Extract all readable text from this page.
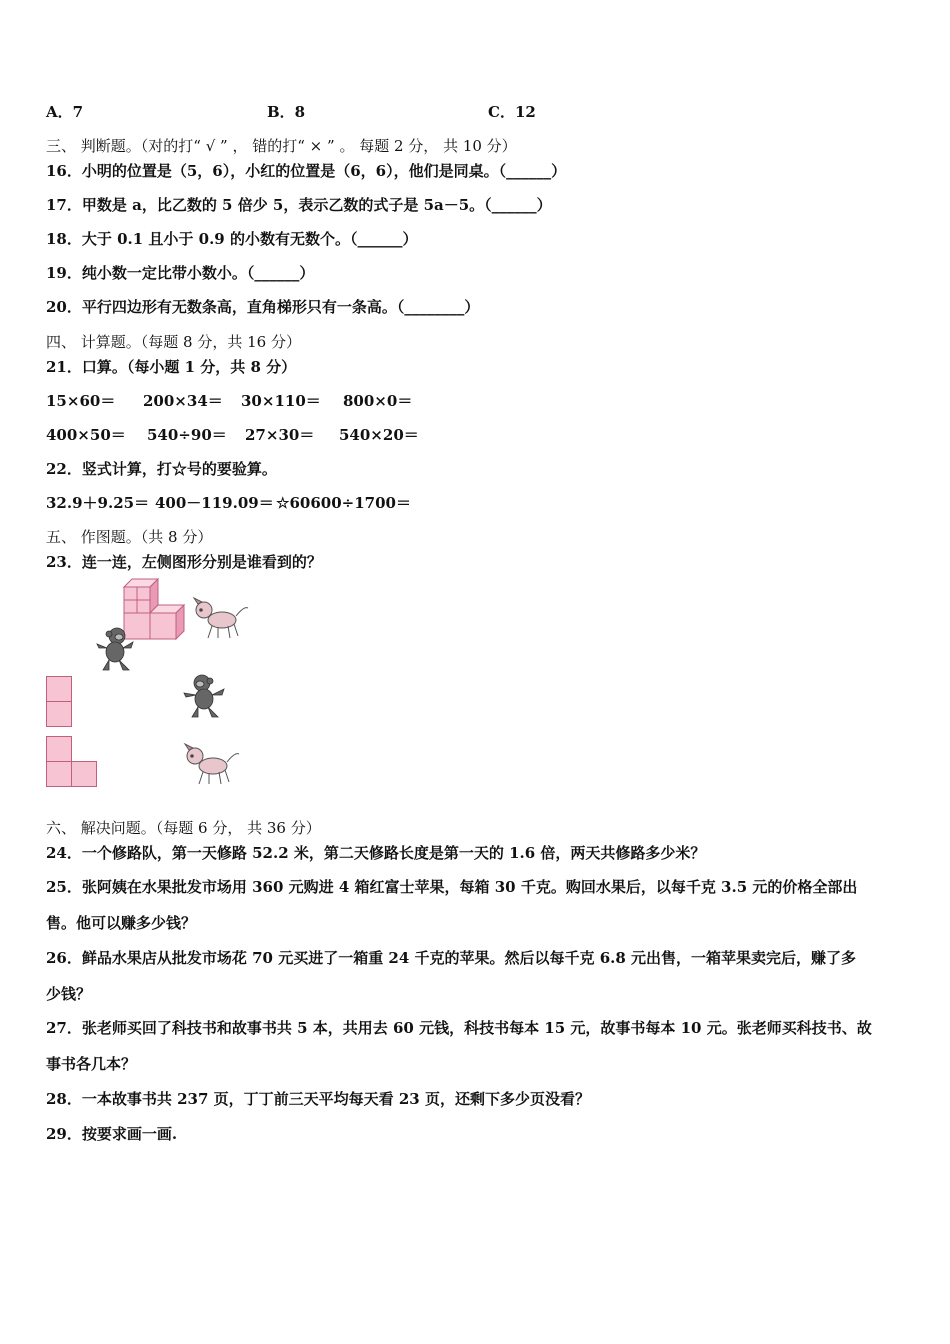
A．7	B．8	C．12

三、 判断题。（对的打“ √ ” ， 错的打“ × ” 。 每题 2 分， 共 10 分）

16．小明的位置是（5，6），小红的位置是（6，6），他们是同桌。（______）

17．甲数是 a，比乙数的 5 倍少 5，表示乙数的式子是 5a－5。（______）

18．大于 0.1 且小于 0.9 的小数有无数个。（______）

19．纯小数一定比带小数小。（______）

20．平行四边形有无数条高，直角梯形只有一条高。（________）

四、 计算题。（每题 8 分，共 16 分）

21．口算。（每小题 1 分，共 8 分）

15×60＝ 200×34＝ 30×110＝ 800×0＝

400×50＝ 540÷90＝ 27×30＝ 540×20＝

22．竖式计算，打☆号的要验算。

32.9＋9.25＝ 400－119.09＝ ☆60600÷1700＝

五、 作图题。（共 8 分）

23．连一连，左侧图形分别是谁看到的？

六、 解决问题。（每题 6 分， 共 36 分）

24．一个修路队，第一天修路 52.2 米，第二天修路长度是第一天的 1.6 倍，两天共修路多少米？

25．张阿姨在水果批发市场用 360 元购进 4 箱红富士苹果，每箱 30 千克。购回水果后，以每千克 3.5 元的价格全部出

售。他可以赚多少钱？

26．鲜品水果店从批发市场花 70 元买进了一箱重 24 千克的苹果。然后以每千克 6.8 元出售，一箱苹果卖完后，赚了多

少钱？

27．张老师买回了科技书和故事书共 5 本，共用去 60 元钱，科技书每本 15 元，故事书每本 10 元。张老师买科技书、故

事书各几本？

28．一本故事书共 237 页，丁丁前三天平均每天看 23 页，还剩下多少页没看？

29．按要求画一画.
